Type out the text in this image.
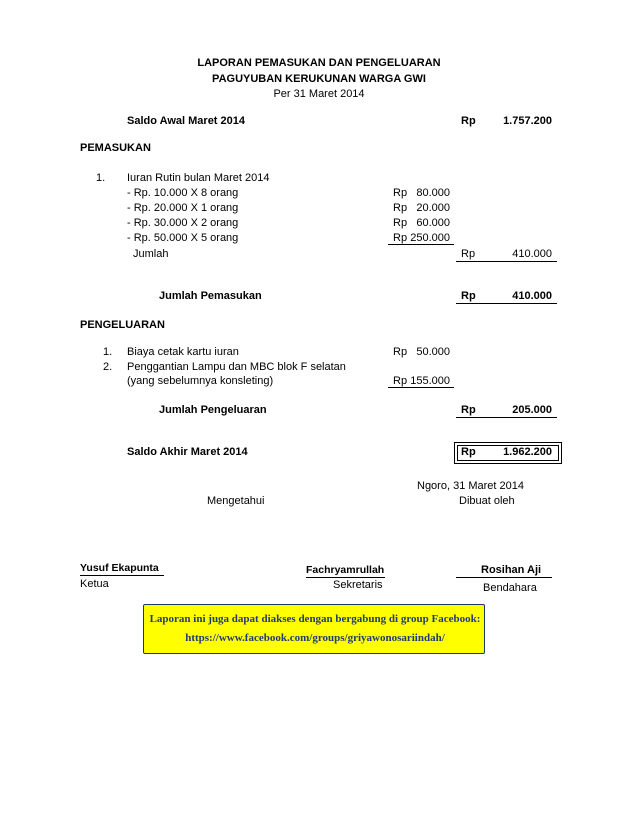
LAPORAN PEMASUKAN DAN PENGELUARAN
PAGUYUBAN KERUKUNAN WARGA GWI
Per 31 Maret 2014
Saldo Awal Maret 2014	Rp	1.757.200
PEMASUKAN
1. Iuran Rutin bulan Maret 2014
- Rp. 10.000 X 8 orang	Rp 80.000
- Rp. 20.000 X 1 orang	Rp 20.000
- Rp. 30.000 X 2 orang	Rp 60.000
- Rp. 50.000 X 5 orang	Rp 250.000
Jumlah	Rp	410.000
Jumlah Pemasukan	Rp	410.000
PENGELUARAN
1. Biaya cetak kartu iuran	Rp 50.000
2. Penggantian Lampu dan MBC blok F selatan
(yang sebelumnya konsleting)	Rp 155.000
Jumlah Pengeluaran	Rp	205.000
Saldo Akhir Maret 2014	Rp	1.962.200
Ngoro, 31 Maret 2014
Dibuat oleh
Mengetahui
Yusuf Ekapunta
Ketua
Fachryamrullah
Sekretaris
Rosihan Aji
Bendahara
Laporan ini juga dapat diakses dengan bergabung di group Facebook:
https://www.facebook.com/groups/griyawonosariindah/
